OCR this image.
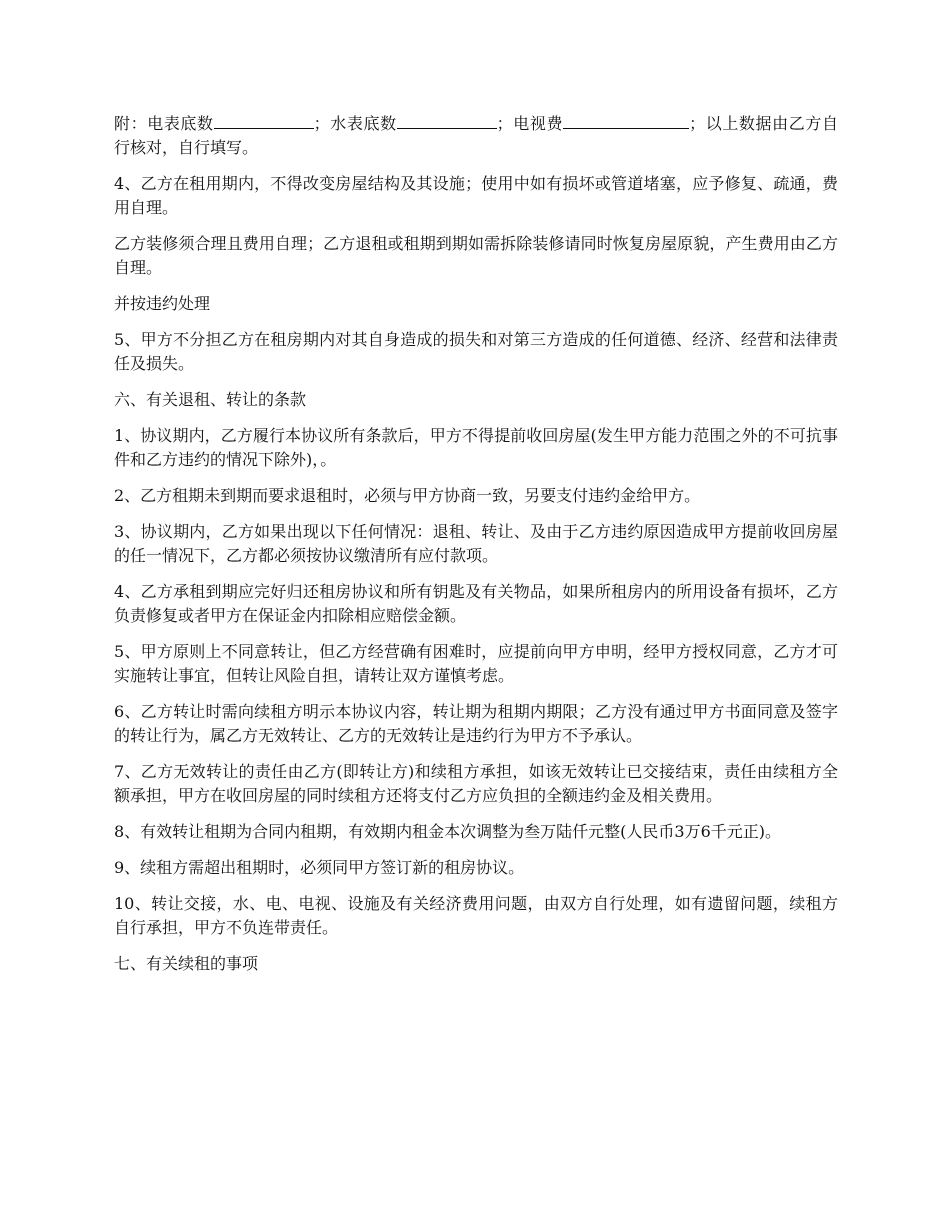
附：电表底数	；水表底数	；电视费	；以上数据由乙方自行核对，自行填写。

4、乙方在租用期内，不得改变房屋结构及其设施；使用中如有损坏或管道堵塞，应予修复、疏通，费用自理。

乙方装修须合理且费用自理；乙方退租或租期到期如需拆除装修请同时恢复房屋原貌，产生费用由乙方自理。

并按违约处理

5、甲方不分担乙方在租房期内对其自身造成的损失和对第三方造成的任何道德、经济、经营和法律责任及损失。

六、有关退租、转让的条款

1、协议期内，乙方履行本协议所有条款后，甲方不得提前收回房屋(发生甲方能力范围之外的不可抗事件和乙方违约的情况下除外)，。

2、乙方租期未到期而要求退租时，必须与甲方协商一致，另要支付违约金给甲方。

3、协议期内，乙方如果出现以下任何情况：退租、转让、及由于乙方违约原因造成甲方提前收回房屋的任一情况下，乙方都必须按协议缴清所有应付款项。

4、乙方承租到期应完好归还租房协议和所有钥匙及有关物品，如果所租房内的所用设备有损坏，乙方负责修复或者甲方在保证金内扣除相应赔偿金额。

5、甲方原则上不同意转让，但乙方经营确有困难时，应提前向甲方申明，经甲方授权同意，乙方才可实施转让事宜，但转让风险自担，请转让双方谨慎考虑。

6、乙方转让时需向续租方明示本协议内容，转让期为租期内期限；乙方没有通过甲方书面同意及签字的转让行为，属乙方无效转让、乙方的无效转让是违约行为甲方不予承认。

7、乙方无效转让的责任由乙方(即转让方)和续租方承担，如该无效转让已交接结束，责任由续租方全额承担，甲方在收回房屋的同时续租方还将支付乙方应负担的全额违约金及相关费用。

8、有效转让租期为合同内租期，有效期内租金本次调整为叁万陆仟元整(人民币3万6千元正)。

9、续租方需超出租期时，必须同甲方签订新的租房协议。

10、转让交接，水、电、电视、设施及有关经济费用问题，由双方自行处理，如有遗留问题，续租方自行承担，甲方不负连带责任。

七、有关续租的事项
